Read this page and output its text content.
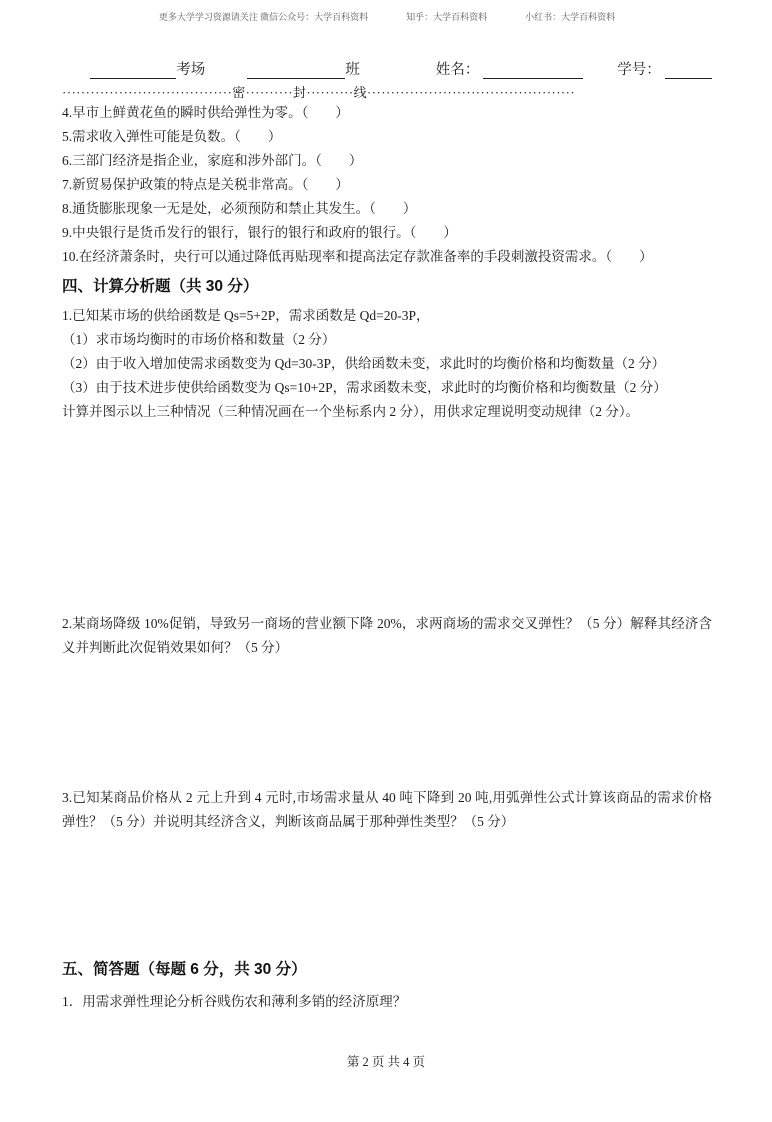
更多大学学习资源请关注 微信公众号：大学百科资料	知乎：大学百科资料	小红书：大学百科资料
考场	班	姓名：	学号：
····································密··········封··········线············································
4.早市上鲜黄花鱼的瞬时供给弹性为零。（　　）
5.需求收入弹性可能是负数。（　　）
6.三部门经济是指企业，家庭和涉外部门。（　　）
7.新贸易保护政策的特点是关税非常高。（　　）
8.通货膨胀现象一无是处，必须预防和禁止其发生。（　　）
9.中央银行是货币发行的银行，银行的银行和政府的银行。（　　）
10.在经济萧条时，央行可以通过降低再贴现率和提高法定存款准备率的手段刺激投资需求。（　　）
四、计算分析题（共 30 分）
1.已知某市场的供给函数是 Qs=5+2P，需求函数是 Qd=20-3P，
（1）求市场均衡时的市场价格和数量（2 分）
（2）由于收入增加使需求函数变为 Qd=30-3P，供给函数未变，求此时的均衡价格和均衡数量（2 分）
（3）由于技术进步使供给函数变为 Qs=10+2P，需求函数未变，求此时的均衡价格和均衡数量（2 分）
计算并图示以上三种情况（三种情况画在一个坐标系内 2 分），用供求定理说明变动规律（2 分）。
2.某商场降级 10%促销，导致另一商场的营业额下降 20%，求两商场的需求交叉弹性？（5 分）解释其经济含义并判断此次促销效果如何？（5 分）
3.已知某商品价格从 2 元上升到 4 元时,市场需求量从 40 吨下降到 20 吨,用弧弹性公式计算该商品的需求价格弹性？（5 分）并说明其经济含义，判断该商品属于那种弹性类型？（5 分）
五、简答题（每题 6 分，共 30 分）
1．用需求弹性理论分析谷贱伤农和薄利多销的经济原理？
第 2 页 共 4 页
